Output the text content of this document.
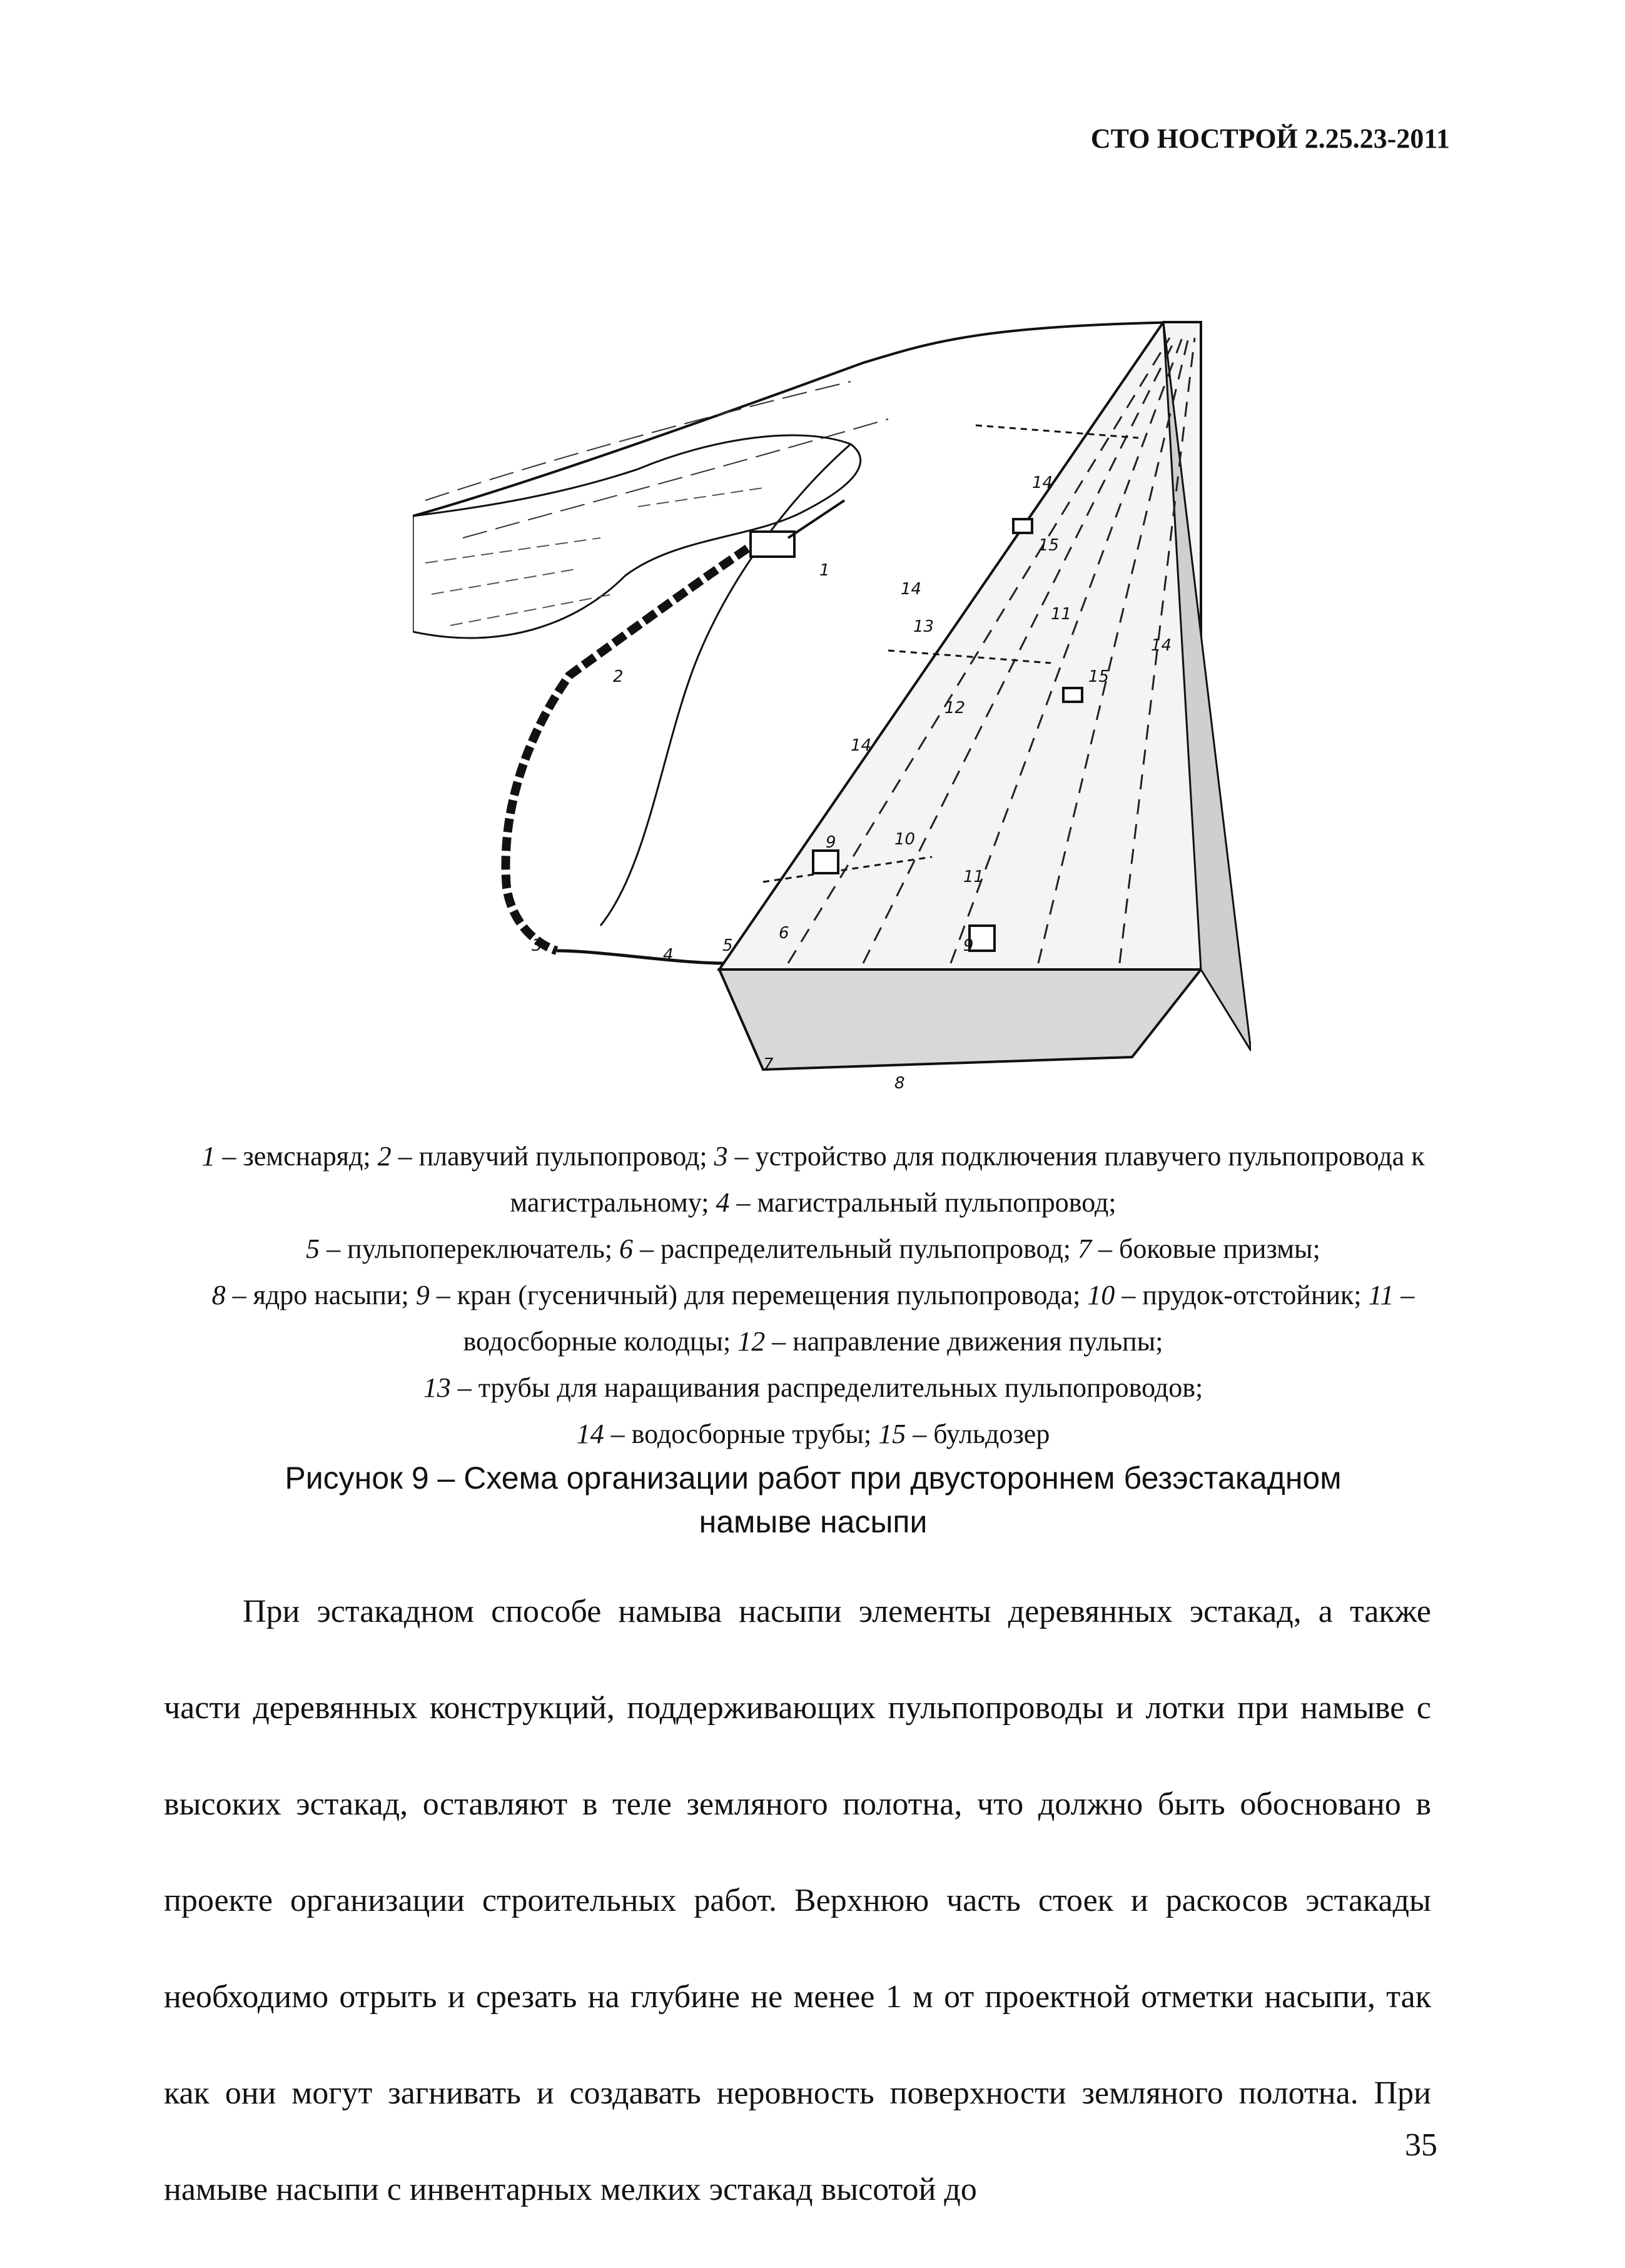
СТО НОСТРОЙ 2.25.23-2011
1
2
3	4	5
6
7
8
9
9
10
11
11
12
13
14
14
14
14
15
15
1 – земснаряд; 2 – плавучий пульпопровод; 3 – устройство для подключения плавучего пульпопровода к магистральному; 4 – магистральный пульпопровод;
5 – пульпопереключатель; 6 – распределительный пульпопровод; 7 – боковые призмы;
8 – ядро насыпи; 9 – кран (гусеничный) для перемещения пульпопровода; 10 – прудок-отстойник; 11 – водосборные колодцы; 12 – направление движения пульпы;
13 – трубы для наращивания распределительных пульпопроводов;
14 – водосборные трубы; 15 – бульдозер
Рисунок 9 – Схема организации работ при двустороннем безэстакадном
намыве насыпи

При эстакадном способе намыва насыпи элементы деревянных эстакад, а также части деревянных конструкций, поддерживающих пульпопроводы и лотки при намыве с высоких эстакад, оставляют в теле земляного полотна, что должно быть обосновано в проекте организации строительных работ. Верхнюю часть стоек и раскосов эстакады необходимо отрыть и срезать на глубине не менее 1 м от проектной отметки насыпи, так как они могут загнивать и создавать неровность поверхности земляного полотна. При намыве насыпи с инвентарных мелких эстакад высотой до

35
